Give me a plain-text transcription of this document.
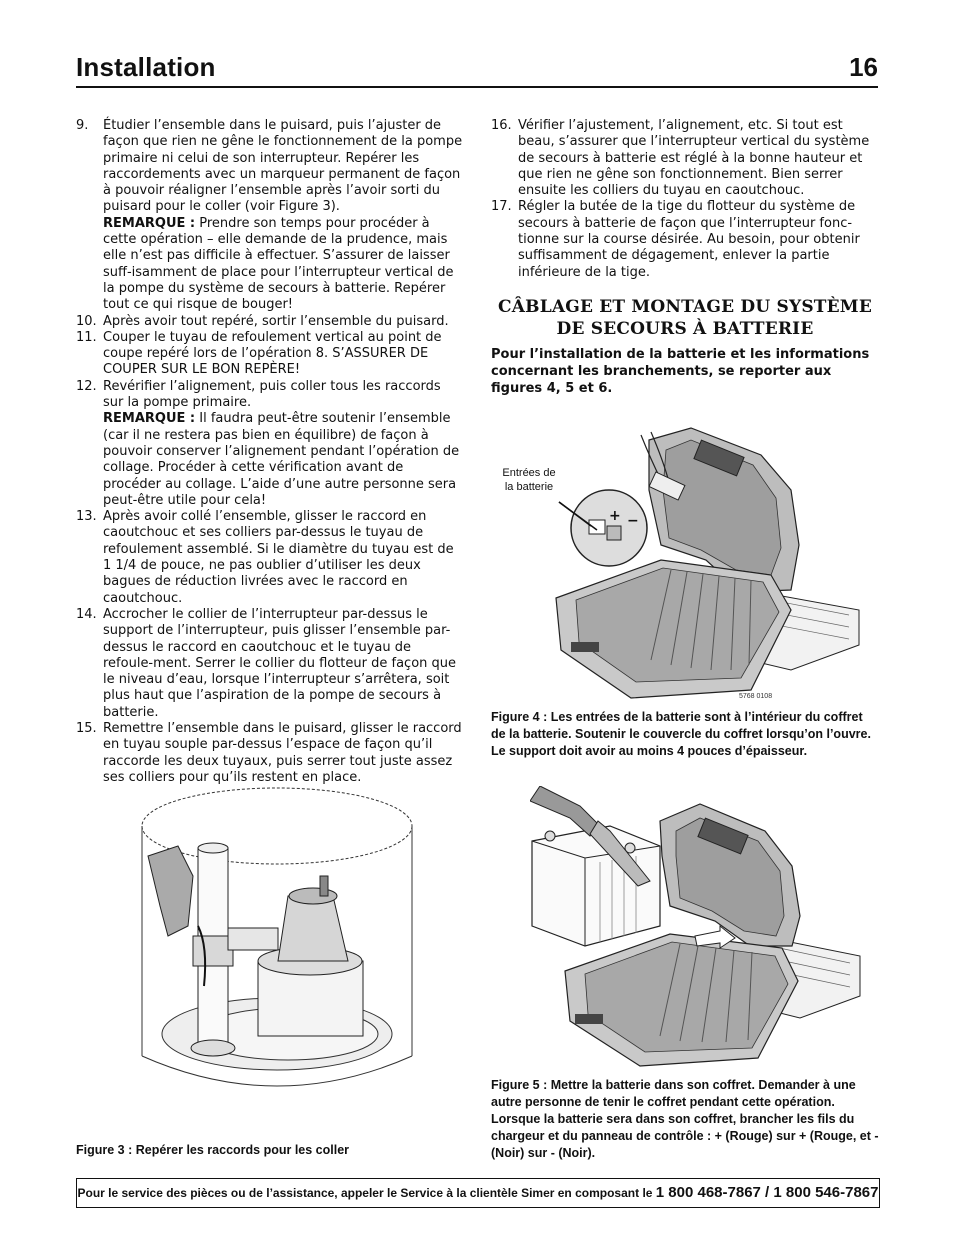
Installation	16
9. Étudier l’ensemble dans le puisard, puis l’ajuster de façon que rien ne gêne le fonctionnement de la pompe primaire ni celui de son interrupteur. Repérer les raccordements avec un marqueur permanent de façon à pouvoir réaligner l’ensemble après l’avoir sorti du puisard pour le coller (voir Figure 3).
REMARQUE : Prendre son temps pour procéder à cette opération – elle demande de la prudence, mais elle n’est pas difficile à effectuer. S’assurer de laisser suff-isamment de place pour l’interrupteur vertical de la pompe du système de secours à batterie. Repérer tout ce qui risque de bouger!
10. Après avoir tout repéré, sortir l’ensemble du puisard.
11. Couper le tuyau de refoulement vertical au point de coupe repéré lors de l’opération 8. S’ASSURER DE COUPER SUR LE BON REPÈRE!
12. Revérifier l’alignement, puis coller tous les raccords sur la pompe primaire.
REMARQUE : Il faudra peut-être soutenir l’ensemble (car il ne restera pas bien en équilibre) de façon à pouvoir conserver l’alignement pendant l’opération de collage. Procéder à cette vérification avant de procéder au collage. L’aide d’une autre personne sera peut-être utile pour cela!
13. Après avoir collé l’ensemble, glisser le raccord en caoutchouc et ses colliers par-dessus le tuyau de refoulement assemblé. Si le diamètre du tuyau est de 1 1/4 de pouce, ne pas oublier d’utiliser les deux bagues de réduction livrées avec le raccord en caoutchouc.
14. Accrocher le collier de l’interrupteur par-dessus le support de l’interrupteur, puis glisser l’ensemble par-dessus le raccord en caoutchouc et le tuyau de refoule-ment. Serrer le collier du flotteur de façon que le niveau d’eau, lorsque l’interrupteur s’arrêtera, soit plus haut que l’aspiration de la pompe de secours à batterie.
15. Remettre l’ensemble dans le puisard, glisser le raccord en tuyau souple par-dessus l’espace de façon qu’il raccorde les deux tuyaux, puis serrer tout juste assez ses colliers pour qu’ils restent en place.
16. Vérifier l’ajustement, l’alignement, etc. Si tout est beau, s’assurer que l’interrupteur vertical du système de secours à batterie est réglé à la bonne hauteur et que rien ne gêne son fonctionnement. Bien serrer ensuite les colliers du tuyau en caoutchouc.
17. Régler la butée de la tige du flotteur du système de secours à batterie de façon que l’interrupteur fonc-tionne sur la course désirée. Au besoin, pour obtenir suffisamment de dégagement, enlever la partie inférieure de la tige.
CÂBLAGE ET MONTAGE DU SYSTÈME
DE SECOURS À BATTERIE
Pour l’installation de la batterie et les informations concernant les branchements, se reporter aux figures 4, 5 et 6.
+ −
Entrées de
la batterie
5768 0108
Figure 4 : Les entrées de la batterie sont à l’intérieur du coffret de la batterie. Soutenir le couvercle du coffret lorsqu’on l’ouvre. Le support doit avoir au moins 4 pouces d’épaisseur.
Figure 5 : Mettre la batterie dans son coffret. Demander à une autre personne de tenir le coffret pendant cette opération. Lorsque la batterie sera dans son coffret, brancher les fils du chargeur et du panneau de contrôle : + (Rouge) sur + (Rouge, et - (Noir) sur - (Noir).
Figure 3 : Repérer les raccords pour les coller
Pour le service des pièces ou de l’assistance, appeler le Service à la clientèle Simer en composant le 1 800 468-7867 / 1 800 546-7867
